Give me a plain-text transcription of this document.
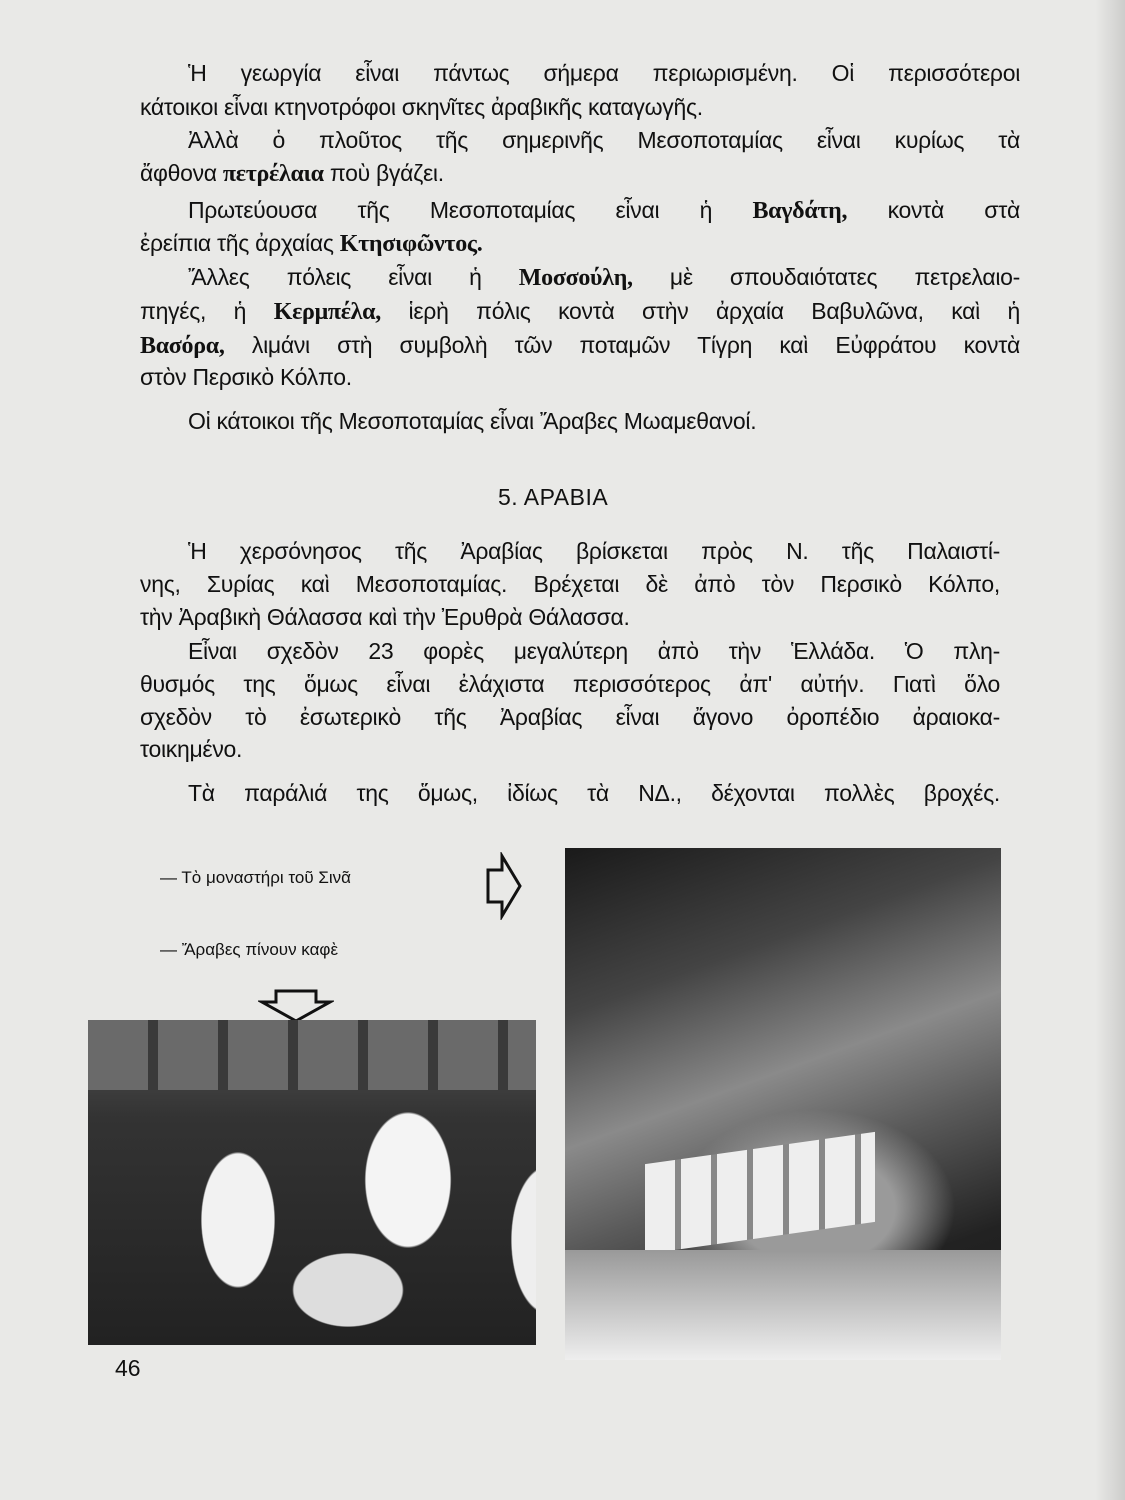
Ἡ γεωργία εἶναι πάντως σήμερα περιωρισμένη. Οἱ περισσότεροι
κάτοικοι εἶναι κτηνοτρόφοι σκηνῖτες ἀραβικῆς καταγωγῆς.
Ἀλλὰ ὁ πλοῦτος τῆς σημερινῆς Μεσοποταμίας εἶναι κυρίως τὰ
ἄφθονα πετρέλαια ποὺ βγάζει.
Πρωτεύουσα τῆς Μεσοποταμίας εἶναι ἡ Βαγδάτη, κοντὰ στὰ
ἐρείπια τῆς ἀρχαίας Κτησιφῶντος.
Ἄλλες πόλεις εἶναι ἡ Μοσσούλη, μὲ σπουδαιότατες πετρελαιο-
πηγές, ἡ Κερμπέλα, ἱερὴ πόλις κοντὰ στὴν ἀρχαία Βαβυλῶνα, καὶ ἡ
Βασόρα, λιμάνι στὴ συμβολὴ τῶν ποταμῶν Τίγρη καὶ Εὐφράτου κοντὰ
στὸν Περσικὸ Κόλπο.
Οἱ κάτοικοι τῆς Μεσοποταμίας εἶναι Ἄραβες Μωαμεθανοί.
5. ΑΡΑΒΙΑ
Ἡ χερσόνησος τῆς Ἀραβίας βρίσκεται πρὸς Ν. τῆς Παλαιστί-
νης, Συρίας καὶ Μεσοποταμίας. Βρέχεται δὲ ἀπὸ τὸν Περσικὸ Κόλπο,
τὴν Ἀραβικὴ Θάλασσα καὶ τὴν Ἐρυθρὰ Θάλασσα.
Εἶναι σχεδὸν 23 φορὲς μεγαλύτερη ἀπὸ τὴν Ἑλλάδα. Ὁ πλη-
θυσμός της ὅμως εἶναι ἐλάχιστα περισσότερος ἀπ' αὐτήν. Γιατὶ ὅλο
σχεδὸν τὸ ἐσωτερικὸ τῆς Ἀραβίας εἶναι ἄγονο ὀροπέδιο ἀραιοκα-
τοικημένο.
Τὰ παράλιά της ὅμως, ἰδίως τὰ ΝΔ., δέχονται πολλὲς βροχές.
— Τὸ μοναστήρι τοῦ Σινᾶ
— Ἄραβες πίνουν καφὲ
46
